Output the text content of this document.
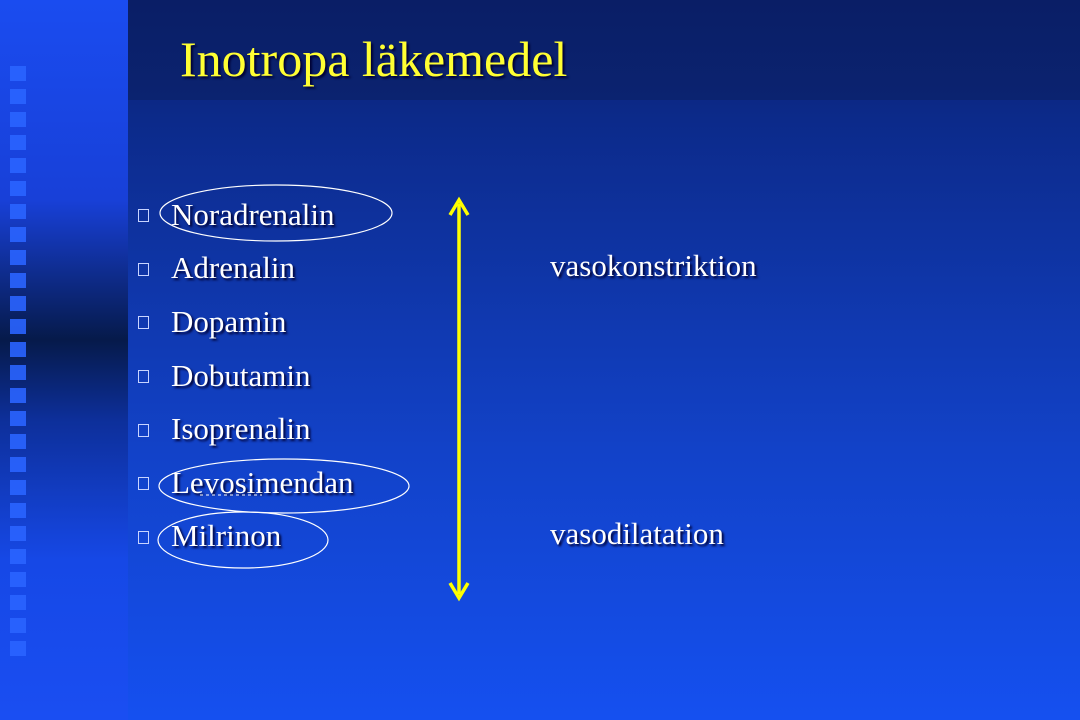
Inotropa läkemedel
Noradrenalin
Adrenalin
Dopamin
Dobutamin
Isoprenalin
Levosimendan
Milrinon
vasokonstriktion
vasodilatation
